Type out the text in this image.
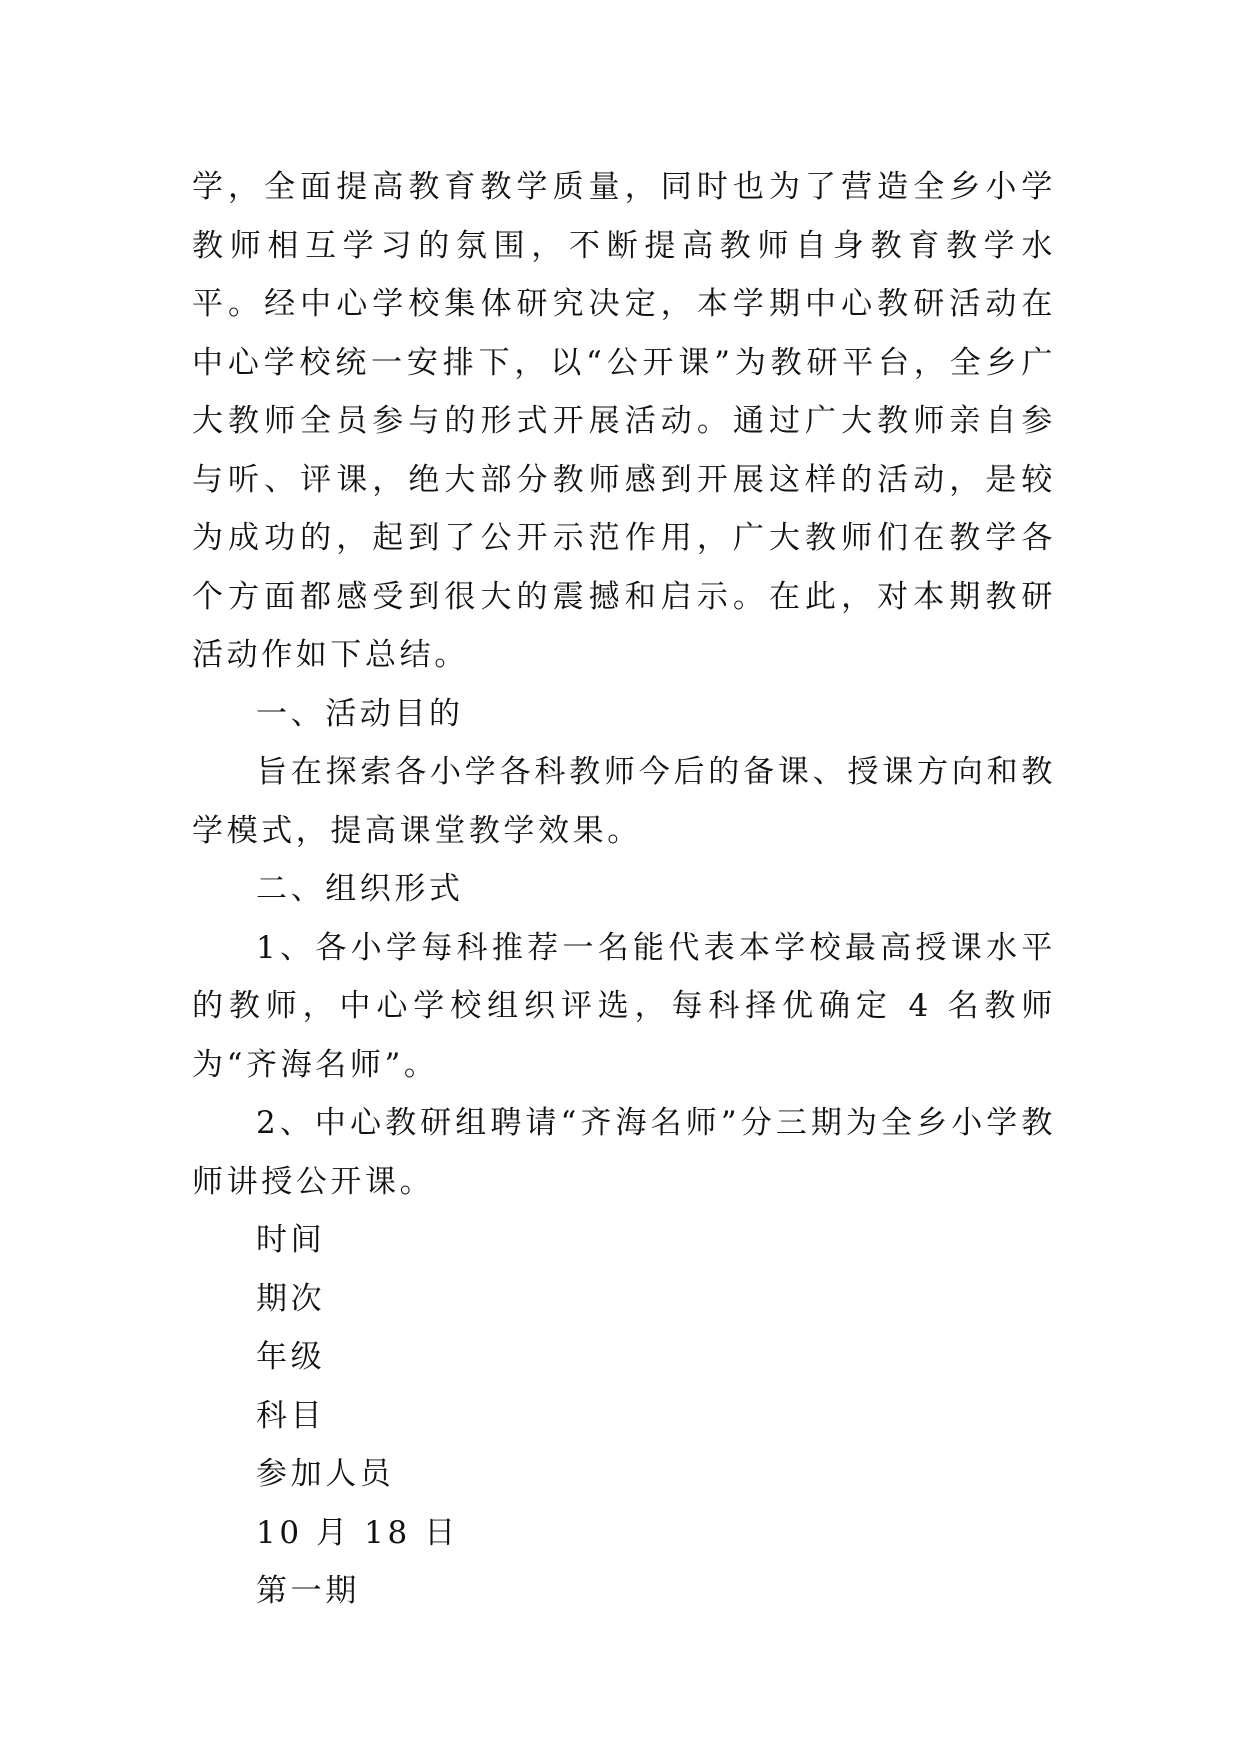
学，全面提高教育教学质量，同时也为了营造全乡小学教师相互学习的氛围，不断提高教师自身教育教学水平。经中心学校集体研究决定，本学期中心教研活动在中心学校统一安排下，以“公开课”为教研平台，全乡广大教师全员参与的形式开展活动。通过广大教师亲自参与听、评课，绝大部分教师感到开展这样的活动，是较为成功的，起到了公开示范作用，广大教师们在教学各个方面都感受到很大的震撼和启示。在此，对本期教研活动作如下总结。

一、活动目的

旨在探索各小学各科教师今后的备课、授课方向和教学模式，提高课堂教学效果。

二、组织形式

1、各小学每科推荐一名能代表本学校最高授课水平的教师，中心学校组织评选，每科择优确定 4 名教师为“齐海名师”。

2、中心教研组聘请“齐海名师”分三期为全乡小学教师讲授公开课。

时间

期次

年级

科目

参加人员

10 月 18 日

第一期
